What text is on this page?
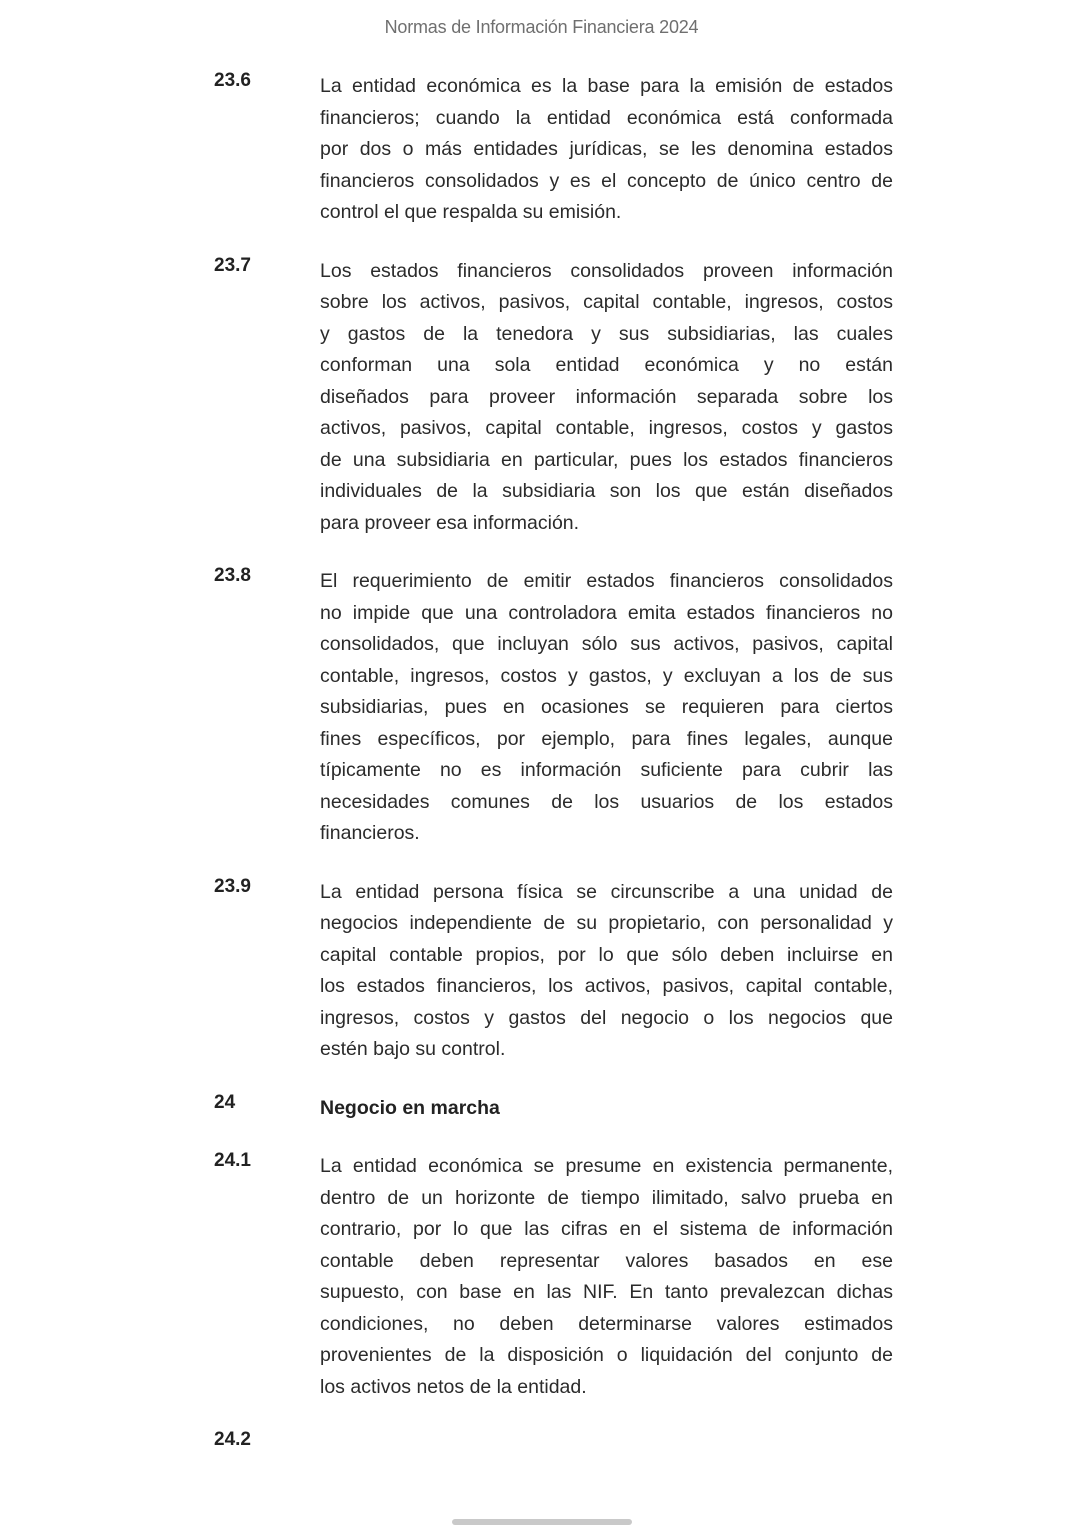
Normas de Información Financiera 2024
23.6	La entidad económica es la base para la emisión de estados
financieros; cuando la entidad económica está conformada
por dos o más entidades jurídicas, se les denomina estados
financieros consolidados y es el concepto de único centro de
control el que respalda su emisión.
23.7	Los estados financieros consolidados proveen información
sobre los activos, pasivos, capital contable, ingresos, costos
y gastos de la tenedora y sus subsidiarias, las cuales
conforman una sola entidad económica y no están
diseñados para proveer información separada sobre los
activos, pasivos, capital contable, ingresos, costos y gastos
de una subsidiaria en particular, pues los estados financieros
individuales de la subsidiaria son los que están diseñados
para proveer esa información.
23.8	El requerimiento de emitir estados financieros consolidados
no impide que una controladora emita estados financieros no
consolidados, que incluyan sólo sus activos, pasivos, capital
contable, ingresos, costos y gastos, y excluyan a los de sus
subsidiarias, pues en ocasiones se requieren para ciertos
fines específicos, por ejemplo, para fines legales, aunque
típicamente no es información suficiente para cubrir las
necesidades comunes de los usuarios de los estados
financieros.
23.9	La entidad persona física se circunscribe a una unidad de
negocios independiente de su propietario, con personalidad y
capital contable propios, por lo que sólo deben incluirse en
los estados financieros, los activos, pasivos, capital contable,
ingresos, costos y gastos del negocio o los negocios que
estén bajo su control.
24	Negocio en marcha
24.1	La entidad económica se presume en existencia permanente,
dentro de un horizonte de tiempo ilimitado, salvo prueba en
contrario, por lo que las cifras en el sistema de información
contable deben representar valores basados en ese
supuesto, con base en las NIF. En tanto prevalezcan dichas
condiciones, no deben determinarse valores estimados
provenientes de la disposición o liquidación del conjunto de
los activos netos de la entidad.
24.2
